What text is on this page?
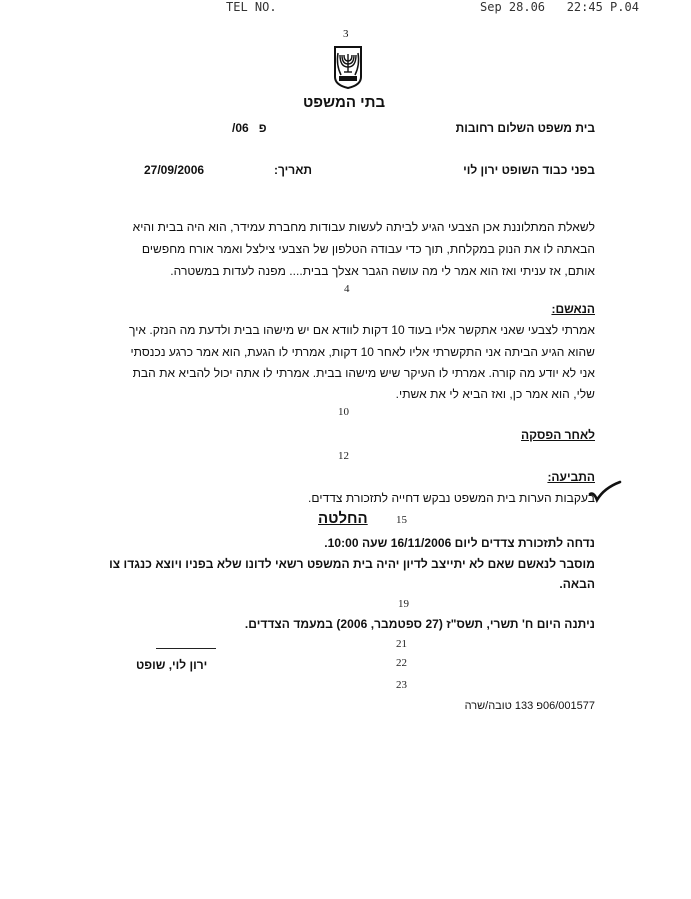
TEL NO.	Sep 28.06   22:45 P.04
3
בתי המשפט
בית משפט השלום רחובות
פ   06/
בפני כבוד השופט ירון לוי
תאריך:
27/09/2006
לשאלת המתלוננת אכן הצבעי הגיע לביתה לעשות עבודות מחברת עמידר, הוא היה בבית והיא
הבאתה לו את הנוק במקלחת, תוך כדי עבודה הטלפון של הצבעי צילצל ואמר אורח מחפשים
אותם, אז עניתי ואז הוא אמר לי מה עושה הגבר אצלך בבית.... מפנה לעדות במשטרה.
4
הנאשם:
אמרתי לצבעי שאני אתקשר אליו בעוד 10 דקות לוודא אם יש מישהו בבית ולדעת מה הנזק. איך
שהוא הגיע הביתה אני התקשרתי אליו לאחר 10 דקות, אמרתי לו הגעת, הוא אמר כרגע נכנסתי
אני לא יודע מה קורה. אמרתי לו העיקר שיש מישהו בבית. אמרתי לו אתה יכול להביא את הבת
שלי, הוא אמר כן, ואז הביא לי את אשתי.
10
לאחר הפסקה
12
התביעה:
בעקבות הערות בית המשפט נבקש דחייה לתזכורת צדדים.
החלטה	15
נדחה לתזכורת צדדים ליום 16/11/2006 שעה 10:00.
מוסבר לנאשם שאם לא יתייצב לדיון יהיה בית המשפט רשאי לדונו שלא בפניו ויוצא כנגדו צו
הבאה.
19
ניתנה היום ח' תשרי, תשס"ז (27 ספטמבר, 2006) במעמד הצדדים.
21
22
ירון לוי, שופט
23
06/001577פ 133 טובה/שרה
